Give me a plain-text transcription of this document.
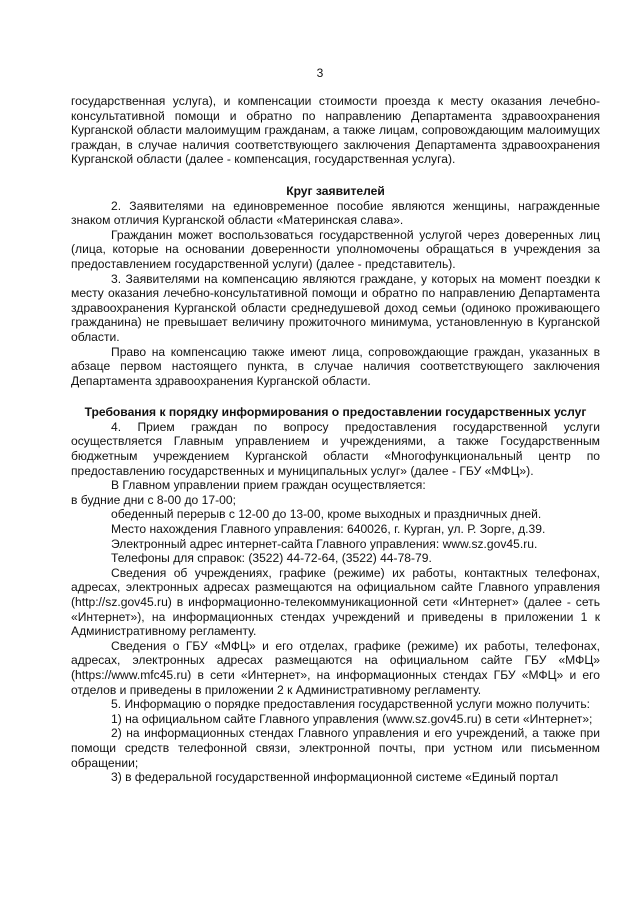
3

государственная услуга), и компенсации стоимости проезда к месту оказания лечебно-консультативной помощи и обратно по направлению Департамента здравоохранения Курганской области малоимущим гражданам, а также лицам, сопровождающим малоимущих граждан, в случае наличия соответствующего заключения Департамента здравоохранения Курганской области (далее - компенсация, государственная услуга).

Круг заявителей

2. Заявителями на единовременное пособие являются женщины, награжденные знаком отличия Курганской области «Материнская слава».

Гражданин может воспользоваться государственной услугой через доверенных лиц (лица, которые на основании доверенности уполномочены обращаться в учреждения за предоставлением государственной услуги) (далее - представитель).

3. Заявителями на компенсацию являются граждане, у которых на момент поездки к месту оказания лечебно-консультативной помощи и обратно по направлению Департамента здравоохранения Курганской области среднедушевой доход семьи (одиноко проживающего гражданина) не превышает величину прожиточного минимума, установленную в Курганской области.

Право на компенсацию также имеют лица, сопровождающие граждан, указанных в абзаце первом настоящего пункта, в случае наличия соответствующего заключения Департамента здравоохранения Курганской области.

Требования к порядку информирования о предоставлении государственных услуг

4. Прием граждан по вопросу предоставления государственной услуги осуществляется Главным управлением и учреждениями, а также Государственным бюджетным учреждением Курганской области «Многофункциональный центр по предоставлению государственных и муниципальных услуг» (далее - ГБУ «МФЦ»).

В Главном управлении прием граждан осуществляется:

в будние дни с 8-00 до 17-00;

обеденный перерыв с 12-00 до 13-00, кроме выходных и праздничных дней.

Место нахождения Главного управления: 640026, г. Курган, ул. Р. Зорге, д.39.

Электронный адрес интернет-сайта Главного управления: www.sz.gov45.ru.

Телефоны для справок: (3522) 44-72-64, (3522) 44-78-79.

Сведения об учреждениях, графике (режиме) их работы, контактных телефонах, адресах, электронных адресах размещаются на официальном сайте Главного управления (http://sz.gov45.ru) в информационно-телекоммуникационной сети «Интернет» (далее - сеть «Интернет»), на информационных стендах учреждений и приведены в приложении 1 к Административному регламенту.

Сведения о ГБУ «МФЦ» и его отделах, графике (режиме) их работы, телефонах, адресах, электронных адресах размещаются на официальном сайте ГБУ «МФЦ» (https://www.mfc45.ru) в сети «Интернет», на информационных стендах ГБУ «МФЦ» и его отделов и приведены в приложении 2 к Административному регламенту.

5. Информацию о порядке предоставления государственной услуги можно получить:

1) на официальном сайте Главного управления (www.sz.gov45.ru) в сети «Интернет»;

2) на информационных стендах Главного управления и его учреждений, а также при помощи средств телефонной связи, электронной почты, при устном или письменном обращении;

3) в федеральной государственной информационной системе «Единый портал
